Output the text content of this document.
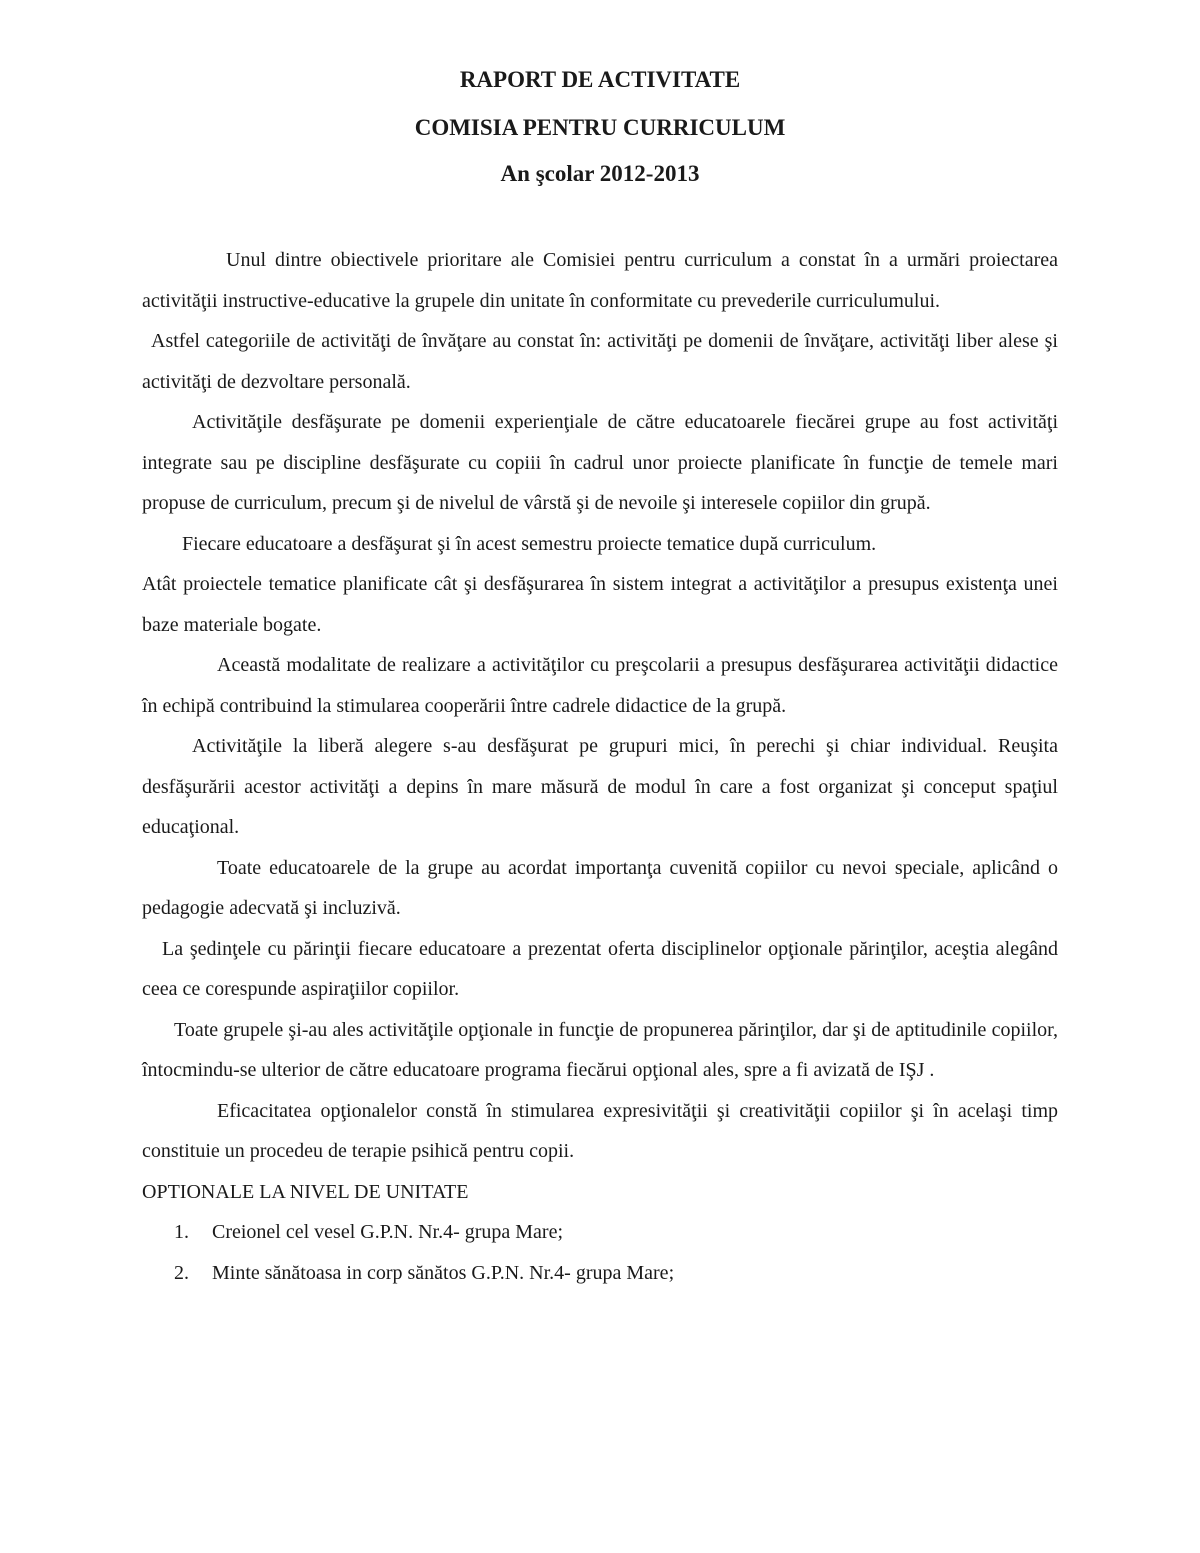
RAPORT DE ACTIVITATE
COMISIA PENTRU CURRICULUM
An şcolar 2012-2013

Unul dintre obiectivele prioritare ale Comisiei pentru curriculum a constat în a urmări proiectarea activităţii instructive-educative la grupele din unitate în conformitate cu prevederile curriculumului.

Astfel categoriile de activităţi de învăţare au constat în: activităţi pe domenii de învăţare, activităţi liber alese şi activităţi de dezvoltare personală.

Activităţile desfăşurate pe domenii experienţiale de către educatoarele fiecărei grupe au fost activităţi integrate sau pe discipline desfăşurate cu copiii în cadrul unor proiecte planificate în funcţie de temele mari propuse de curriculum, precum şi de nivelul de vârstă şi de nevoile şi interesele copiilor din grupă.

Fiecare educatoare a desfăşurat şi în acest semestru proiecte tematice după curriculum.

Atât proiectele tematice planificate cât şi desfăşurarea în sistem integrat a activităţilor a presupus existenţa unei baze materiale bogate.

Această modalitate de realizare a activităţilor cu preşcolarii a presupus desfăşurarea activităţii didactice în echipă contribuind la stimularea cooperării între cadrele didactice de la grupă.

Activităţile la liberă alegere s-au desfăşurat pe grupuri mici, în perechi şi chiar individual. Reuşita desfăşurării acestor activităţi a depins în mare măsură de modul în care a fost organizat şi conceput spaţiul educaţional.

Toate educatoarele de la grupe au acordat importanţa cuvenită copiilor cu nevoi speciale, aplicând o pedagogie adecvată şi incluzivă.

La şedinţele cu părinţii fiecare educatoare a prezentat oferta disciplinelor opţionale părinţilor, aceştia alegând ceea ce corespunde aspiraţiilor copiilor.

Toate grupele şi-au ales activităţile opţionale in funcţie de propunerea părinţilor, dar şi de aptitudinile copiilor, întocmindu-se ulterior de către educatoare programa fiecărui opţional ales, spre a fi avizată de IŞJ .

Eficacitatea opţionalelor constă în stimularea expresivităţii şi creativităţii copiilor şi în acelaşi timp constituie un procedeu de terapie psihică pentru copii.

OPTIONALE LA NIVEL DE UNITATE

1. Creionel cel vesel G.P.N. Nr.4- grupa Mare;
2. Minte sănătoasa in corp sănătos G.P.N. Nr.4- grupa Mare;
